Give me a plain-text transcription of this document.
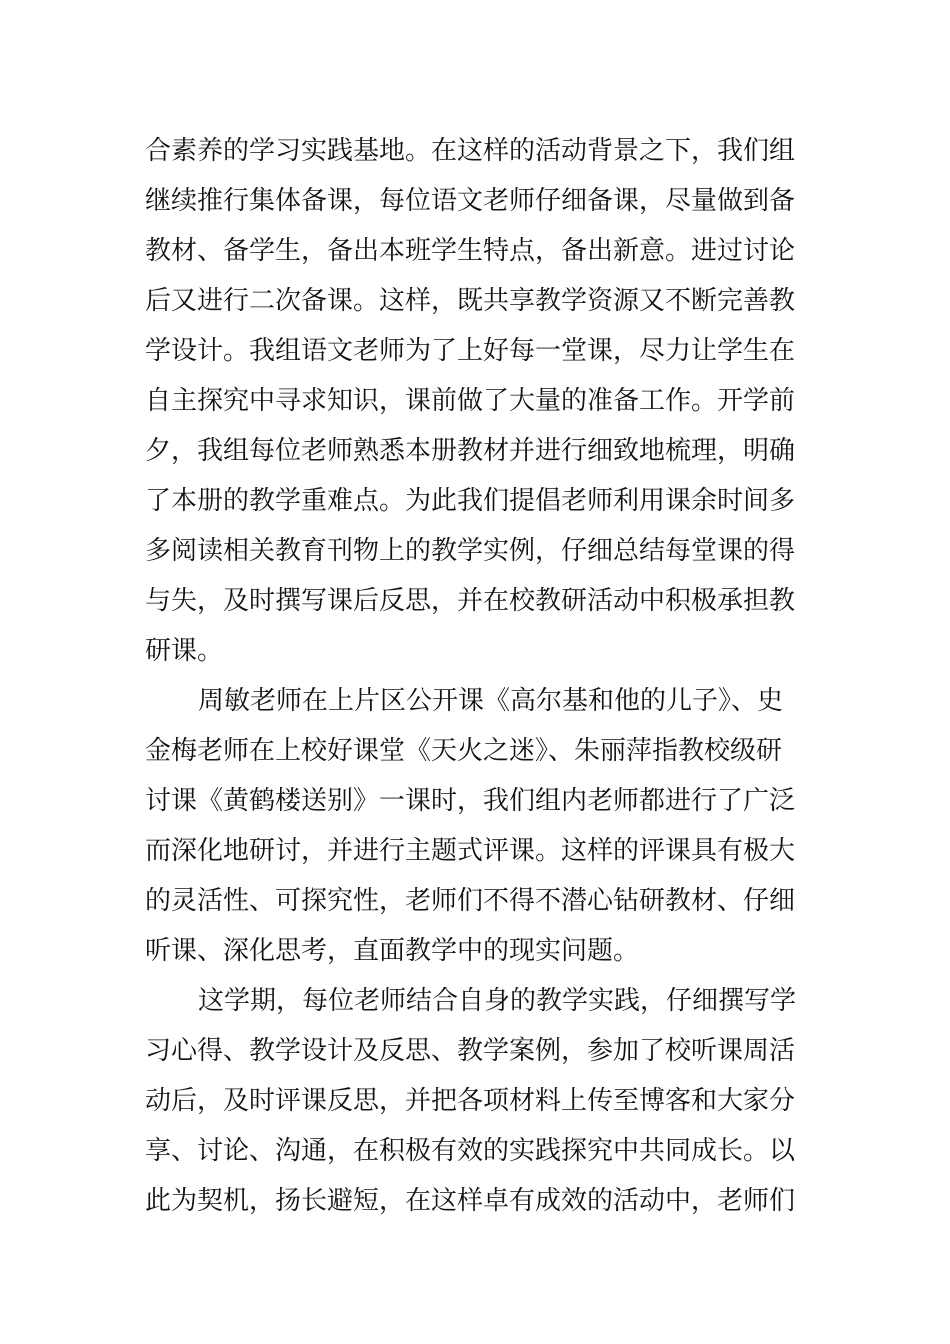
合素养的学习实践基地。在这样的活动背景之下，我们组
继续推行集体备课，每位语文老师仔细备课，尽量做到备
教材、备学生，备出本班学生特点，备出新意。进过讨论
后又进行二次备课。这样，既共享教学资源又不断完善教
学设计。我组语文老师为了上好每一堂课，尽力让学生在
自主探究中寻求知识，课前做了大量的准备工作。开学前
夕，我组每位老师熟悉本册教材并进行细致地梳理，明确
了本册的教学重难点。为此我们提倡老师利用课余时间多
多阅读相关教育刊物上的教学实例，仔细总结每堂课的得
与失，及时撰写课后反思，并在校教研活动中积极承担教
研课。
周敏老师在上片区公开课《高尔基和他的儿子》、史
金梅老师在上校好课堂《天火之迷》、朱丽萍指教校级研
讨课《黄鹤楼送别》一课时，我们组内老师都进行了广泛
而深化地研讨，并进行主题式评课。这样的评课具有极大
的灵活性、可探究性，老师们不得不潜心钻研教材、仔细
听课、深化思考，直面教学中的现实问题。
这学期，每位老师结合自身的教学实践，仔细撰写学
习心得、教学设计及反思、教学案例，参加了校听课周活
动后，及时评课反思，并把各项材料上传至博客和大家分
享、讨论、沟通，在积极有效的实践探究中共同成长。以
此为契机，扬长避短，在这样卓有成效的活动中，老师们
